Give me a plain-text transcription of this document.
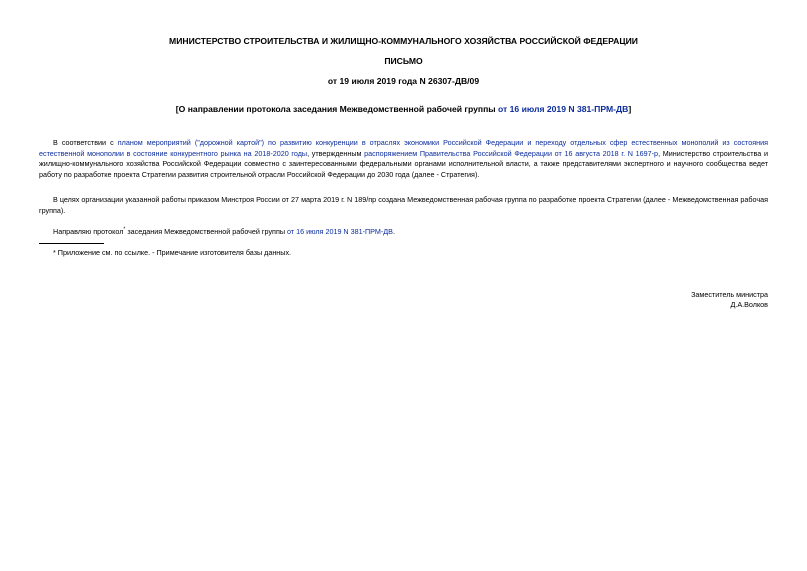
МИНИСТЕРСТВО СТРОИТЕЛЬСТВА И ЖИЛИЩНО-КОММУНАЛЬНОГО ХОЗЯЙСТВА РОССИЙСКОЙ ФЕДЕРАЦИИ
ПИСЬМО
от 19 июля 2019 года N 26307-ДВ/09
[О направлении протокола заседания Межведомственной рабочей группы от 16 июля 2019 N 381-ПРМ-ДВ]
В соответствии с планом мероприятий ("дорожной картой") по развитию конкуренции в отраслях экономики Российской Федерации и переходу отдельных сфер естественных монополий из состояния естественной монополии в состояние конкурентного рынка на 2018-2020 годы, утвержденным распоряжением Правительства Российской Федерации от 16 августа 2018 г. N 1697-р, Министерство строительства и жилищно-коммунального хозяйства Российской Федерации совместно с заинтересованными федеральными органами исполнительной власти, а также представителями экспертного и научного сообщества ведет работу по разработке проекта Стратегии развития строительной отрасли Российской Федерации до 2030 года (далее - Стратегия).
В целях организации указанной работы приказом Минстроя России от 27 марта 2019 г. N 189/пр создана Межведомственная рабочая группа по разработке проекта Стратегии (далее - Межведомственная рабочая группа).
Направляю протокол* заседания Межведомственной рабочей группы от 16 июля 2019 N 381-ПРМ-ДВ.
* Приложение см. по ссылке. - Примечание изготовителя базы данных.
Заместитель министра
Д.А.Волков
